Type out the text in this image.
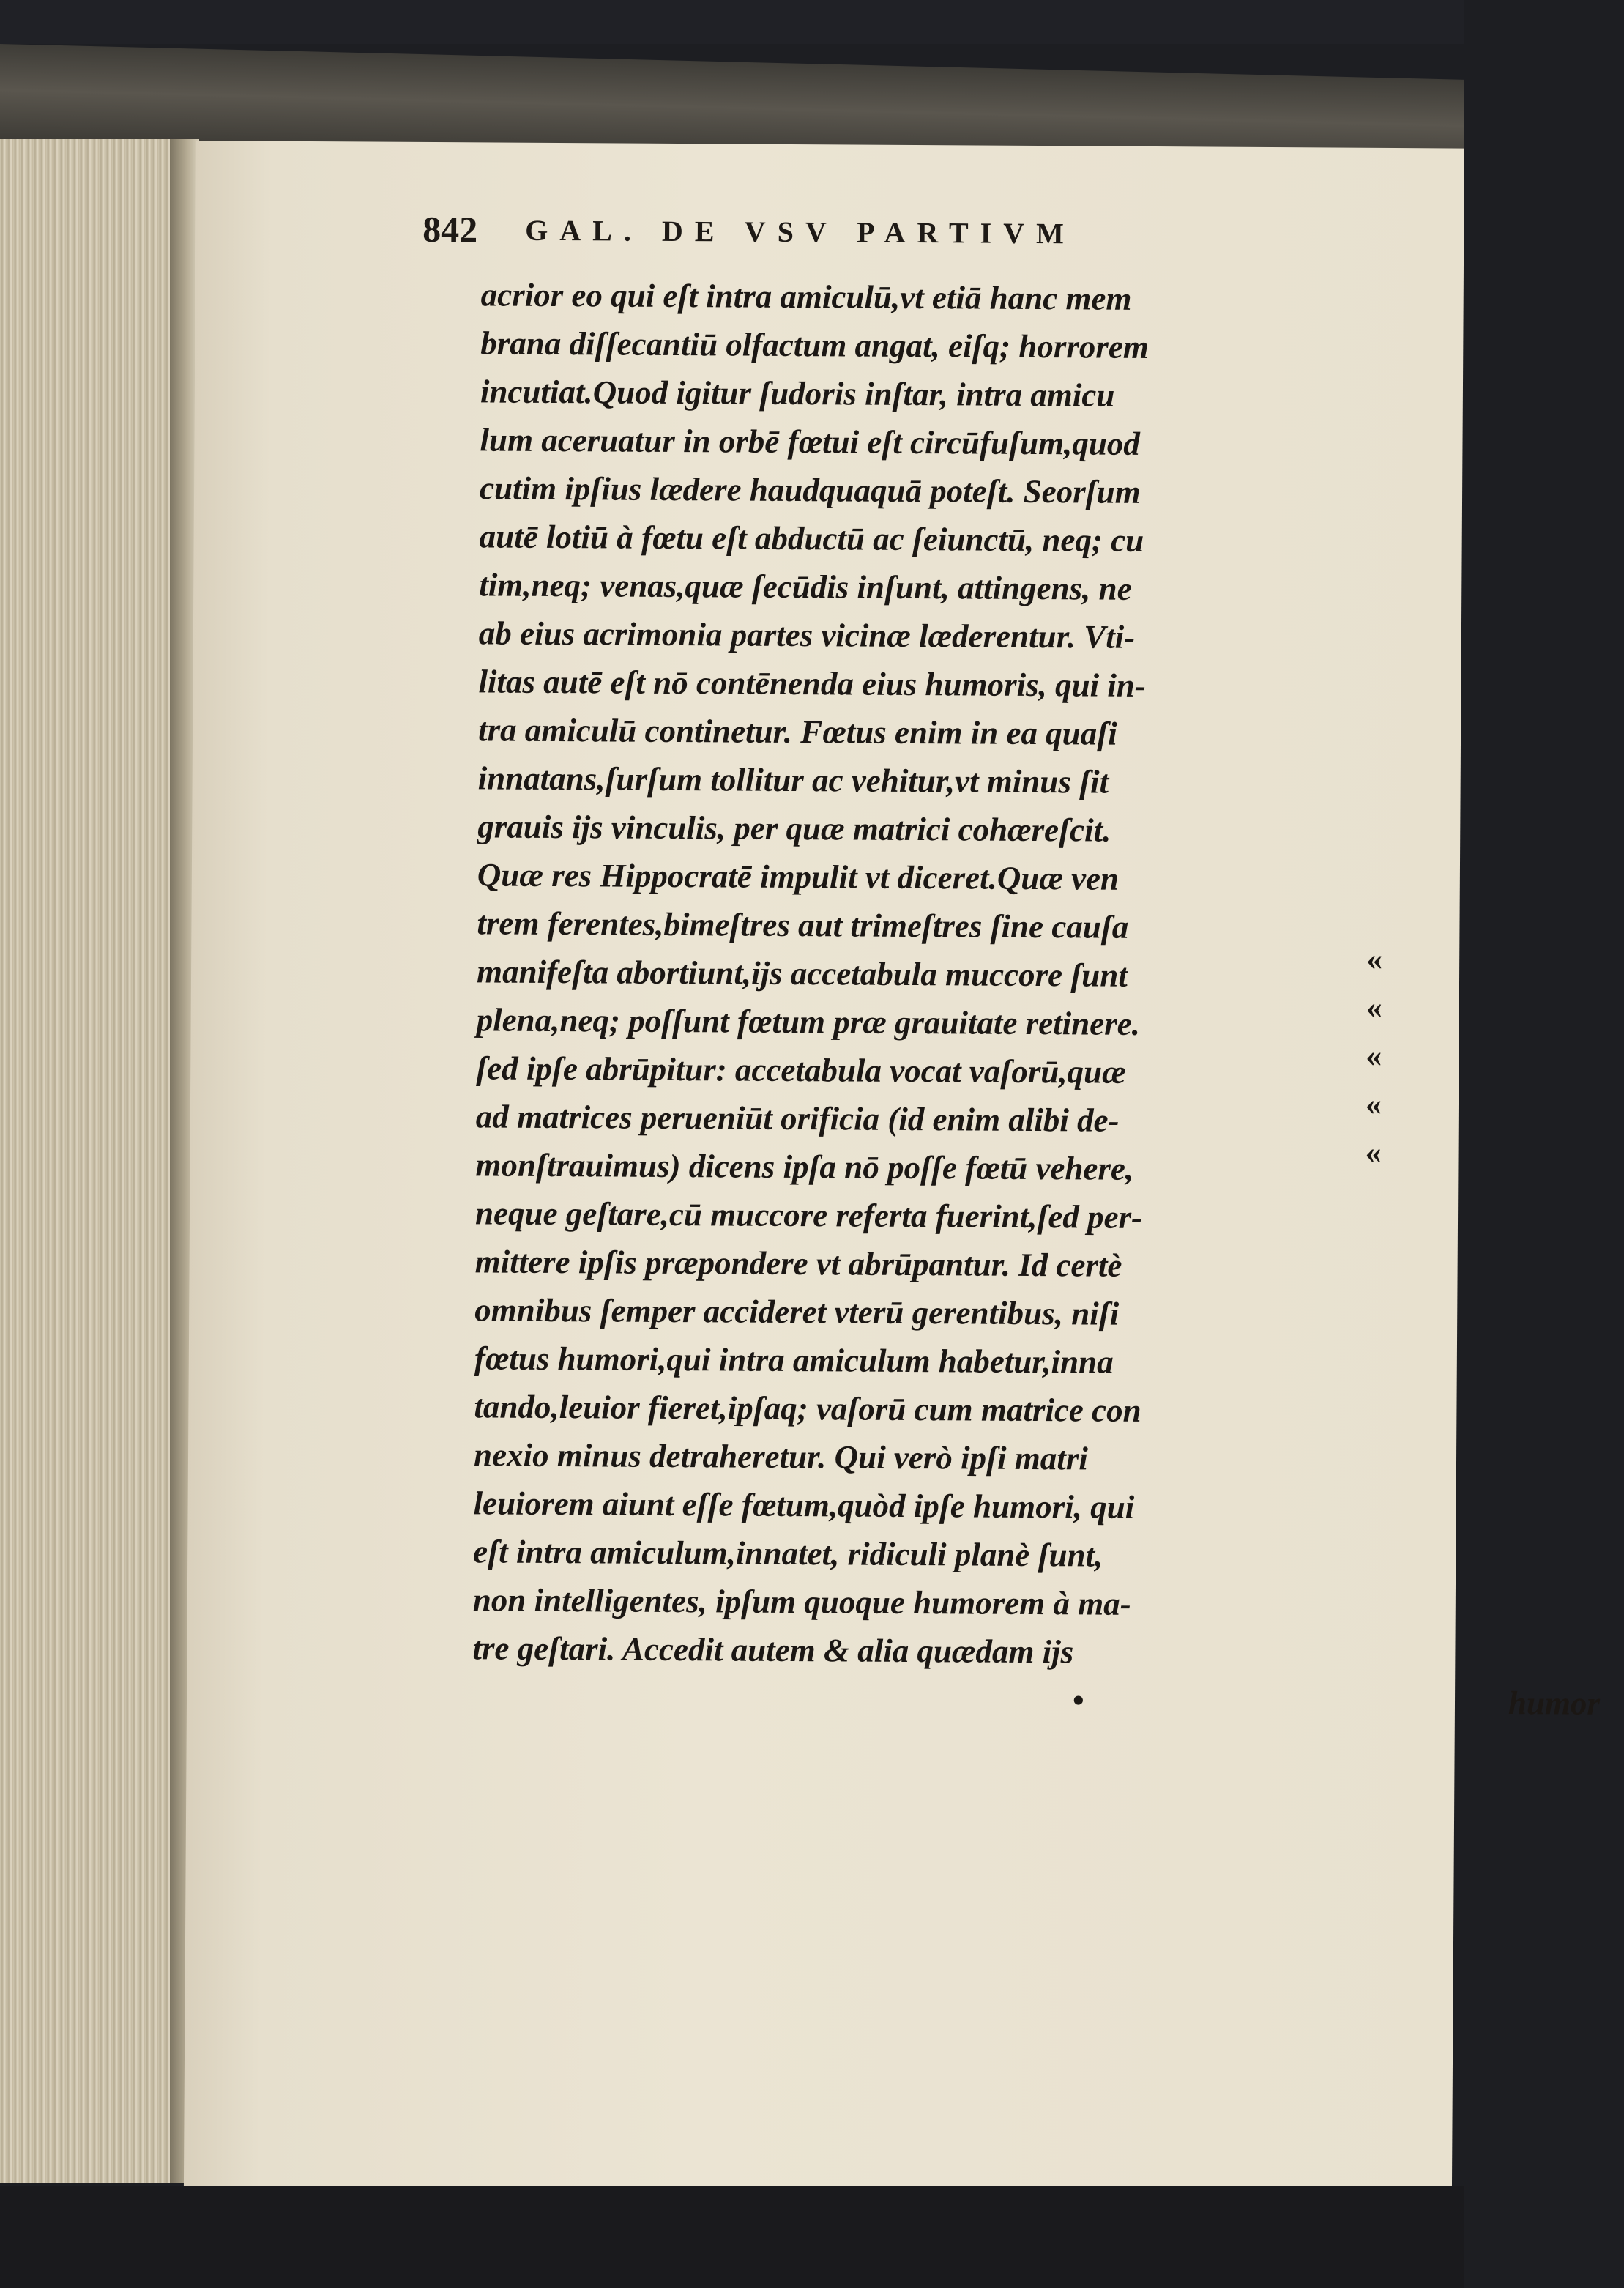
842 GAL. DE VSV PARTIVM
acrior eo qui eſt intra amiculū,vt etiā hanc mem
brana diſſecantiū olfactum angat, eiſq; horrorem
incutiat.Quod igitur ſudoris inſtar, intra amicu
lum aceruatur in orbē fœtui eſt circūfuſum,quod
cutim ipſius lædere haudquaquā poteſt. Seorſum
autē lotiū à fœtu eſt abductū ac ſeiunctū, neq; cu
tim,neq; venas,quæ ſecūdis inſunt, attingens, ne
ab eius acrimonia partes vicinæ læderentur. Vti-
litas autē eſt nō contēnenda eius humoris, qui in-
tra amiculū continetur. Fœtus enim in ea quaſi
innatans,ſurſum tollitur ac vehitur,vt minus ſit
grauis ijs vinculis, per quæ matrici cohæreſcit.
Quæ res Hippocratē impulit vt diceret.Quæ ven
trem ferentes,bimeſtres aut trimeſtres ſine cauſa
manifeſta abortiunt,ijs accetabula muccore ſunt
plena,neq; poſſunt fœtum præ grauitate retinere.
ſed ipſe abrūpitur: accetabula vocat vaſorū,quæ
ad matrices perueniūt orificia (id enim alibi de-
monſtrauimus) dicens ipſa nō poſſe fœtū vehere,
neque geſtare,cū muccore referta fuerint,ſed per-
mittere ipſis præpondere vt abrūpantur. Id certè
omnibus ſemper accideret vterū gerentibus, niſi
fœtus humori,qui intra amiculum habetur,inna
tando,leuior fieret,ipſaq; vaſorū cum matrice con
nexio minus detraheretur. Qui verò ipſi matri
leuiorem aiunt eſſe fœtum,quòd ipſe humori, qui
eſt intra amiculum,innatet, ridiculi planè ſunt,
non intelligentes, ipſum quoque humorem à ma-
tre geſtari. Accedit autem & alia quædam ijs
•	humor
«
«
«
«
«
